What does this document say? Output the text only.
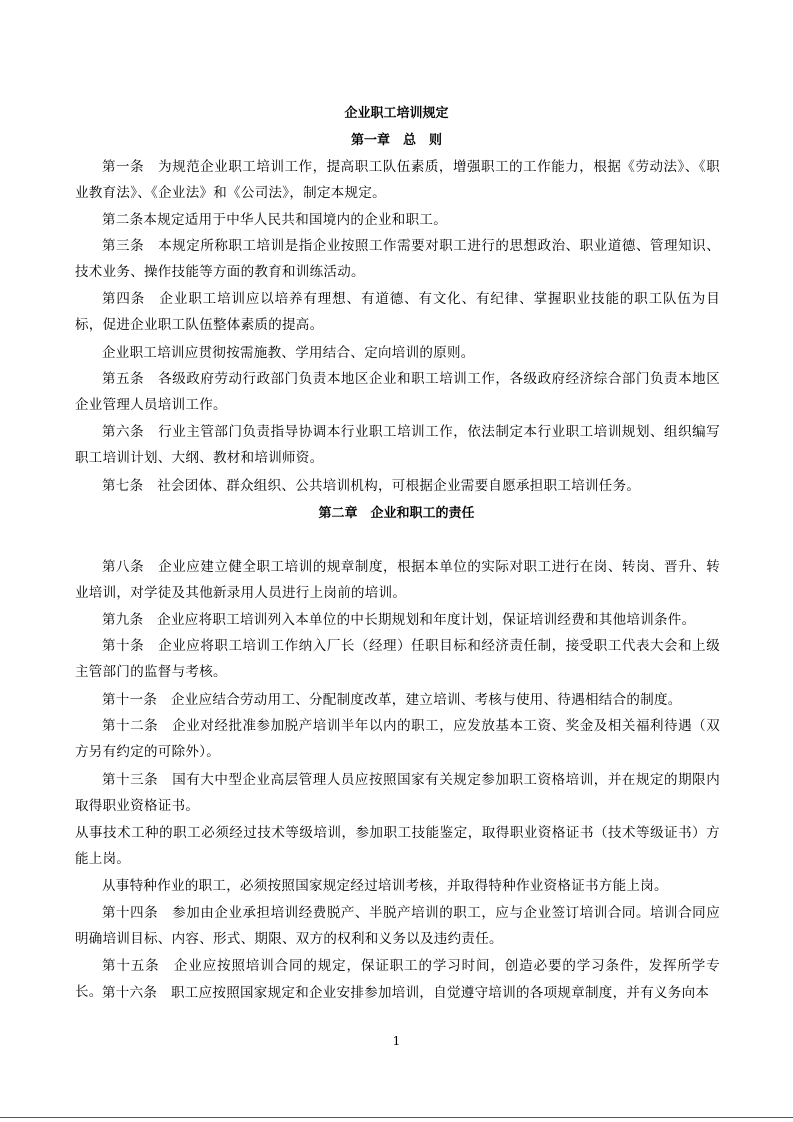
企业职工培训规定
第一章　总　则
第一条　为规范企业职工培训工作，提高职工队伍素质，增强职工的工作能力，根据《劳动法》、《职业教育法》、《企业法》和《公司法》，制定本规定。
第二条本规定适用于中华人民共和国境内的企业和职工。
第三条　本规定所称职工培训是指企业按照工作需要对职工进行的思想政治、职业道德、管理知识、技术业务、操作技能等方面的教育和训练活动。
第四条　企业职工培训应以培养有理想、有道德、有文化、有纪律、掌握职业技能的职工队伍为目标，促进企业职工队伍整体素质的提高。
企业职工培训应贯彻按需施教、学用结合、定向培训的原则。
第五条　各级政府劳动行政部门负责本地区企业和职工培训工作，各级政府经济综合部门负责本地区企业管理人员培训工作。
第六条　行业主管部门负责指导协调本行业职工培训工作，依法制定本行业职工培训规划、组织编写职工培训计划、大纲、教材和培训师资。
第七条　社会团体、群众组织、公共培训机构，可根据企业需要自愿承担职工培训任务。
第二章　企业和职工的责任
第八条　企业应建立健全职工培训的规章制度，根据本单位的实际对职工进行在岗、转岗、晋升、转业培训，对学徒及其他新录用人员进行上岗前的培训。
第九条　企业应将职工培训列入本单位的中长期规划和年度计划，保证培训经费和其他培训条件。
第十条　企业应将职工培训工作纳入厂长（经理）任职目标和经济责任制，接受职工代表大会和上级主管部门的监督与考核。
第十一条　企业应结合劳动用工、分配制度改革，建立培训、考核与使用、待遇相结合的制度。
第十二条　企业对经批准参加脱产培训半年以内的职工，应发放基本工资、奖金及相关福利待遇（双方另有约定的可除外）。
第十三条　国有大中型企业高层管理人员应按照国家有关规定参加职工资格培训，并在规定的期限内取得职业资格证书。
从事技术工种的职工必须经过技术等级培训，参加职工技能鉴定，取得职业资格证书（技术等级证书）方能上岗。
从事特种作业的职工，必须按照国家规定经过培训考核，并取得特种作业资格证书方能上岗。
第十四条　参加由企业承担培训经费脱产、半脱产培训的职工，应与企业签订培训合同。培训合同应明确培训目标、内容、形式、期限、双方的权利和义务以及违约责任。
第十五条　企业应按照培训合同的规定，保证职工的学习时间，创造必要的学习条件，发挥所学专长。 第十六条　职工应按照国家规定和企业安排参加培训，自觉遵守培训的各项规章制度，并有义务向本
1
